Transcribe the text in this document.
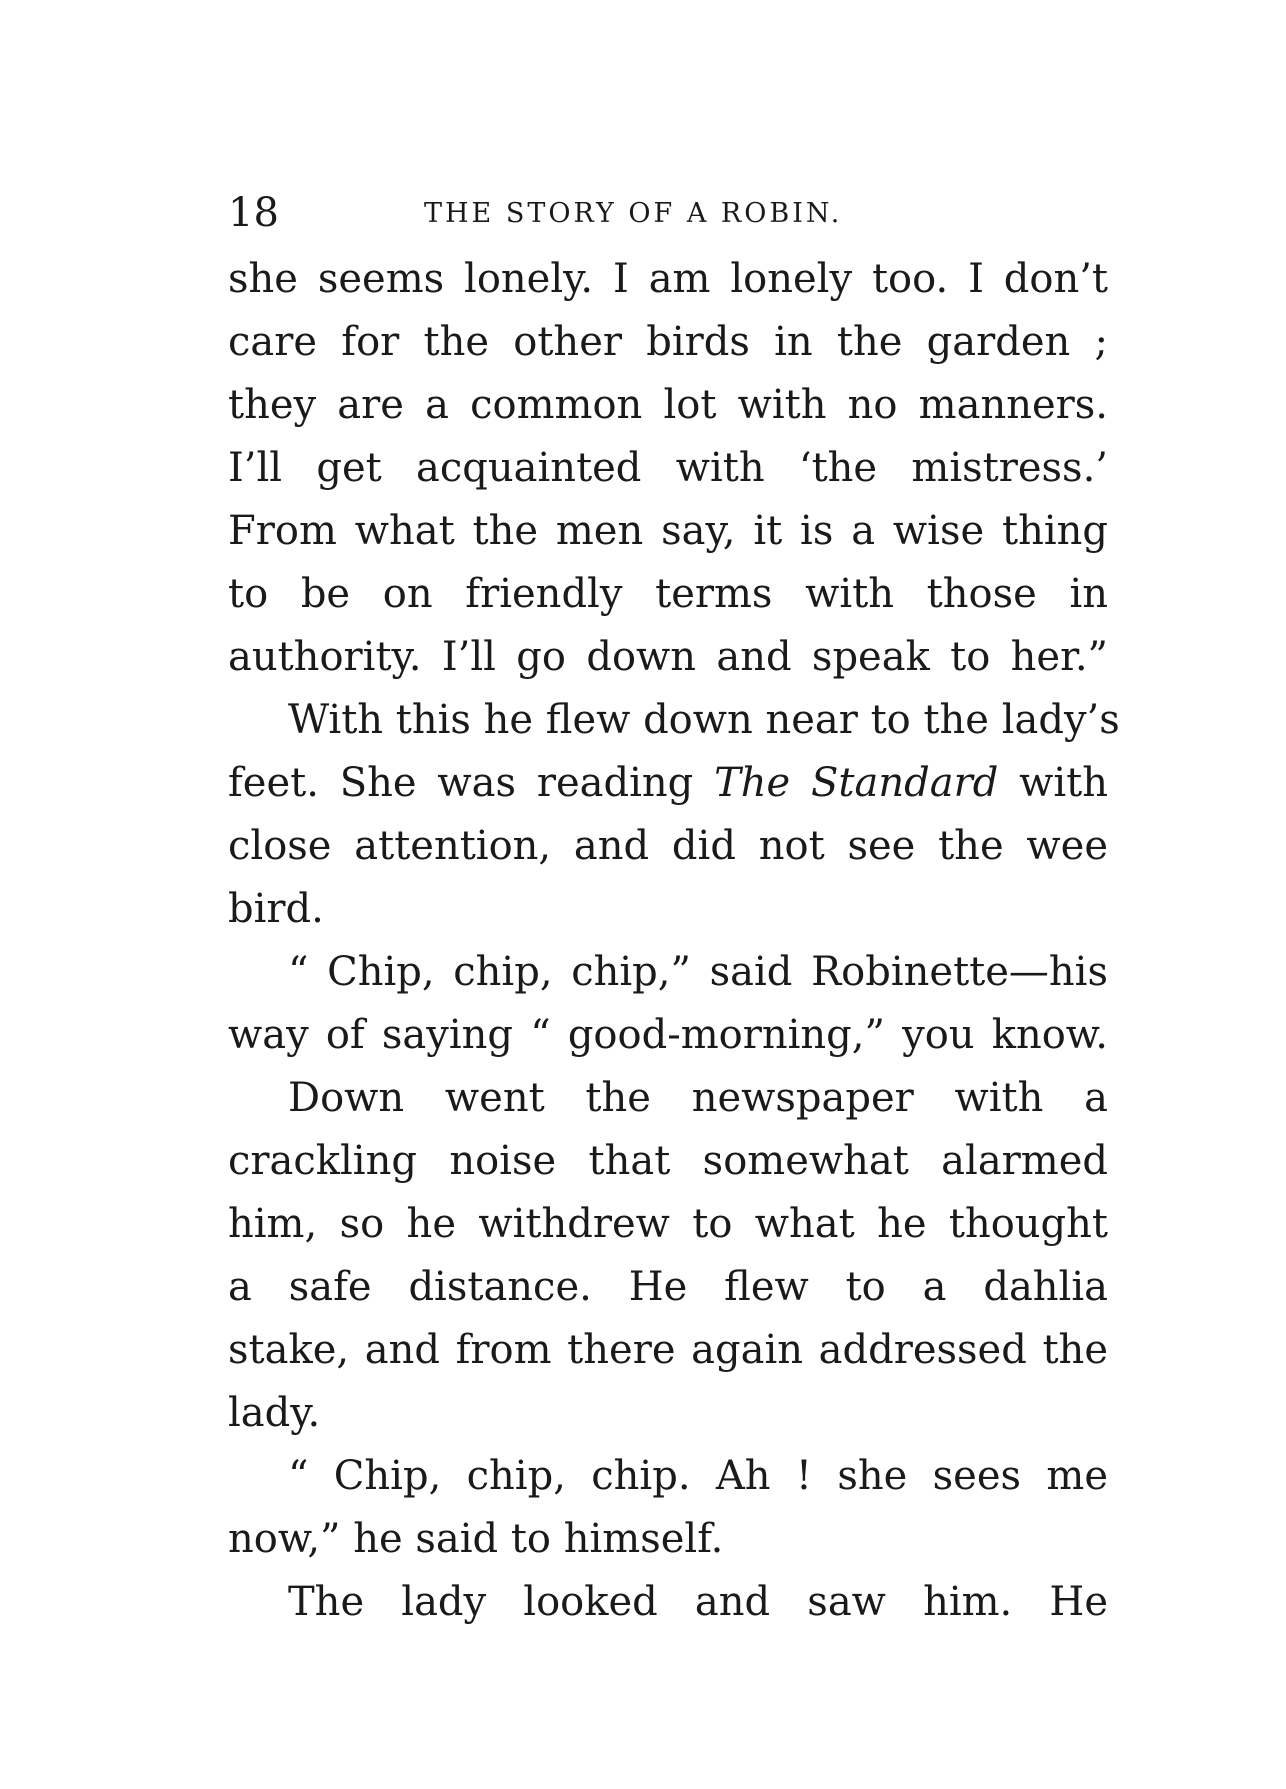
18	THE STORY OF A ROBIN.
she seems lonely. I am lonely too. I don’t
care for the other birds in the garden ;
they are a common lot with no manners.
I’ll get acquainted with ‘the mistress.’
From what the men say, it is a wise thing
to be on friendly terms with those in
authority. I’ll go down and speak to her.”
With this he flew down near to the lady’s
feet. She was reading The Standard with
close attention, and did not see the wee
bird.
“ Chip, chip, chip,” said Robinette—his
way of saying “ good-morning,” you know.
Down went the newspaper with a
crackling noise that somewhat alarmed
him, so he withdrew to what he thought
a safe distance. He flew to a dahlia
stake, and from there again addressed the
lady.
“ Chip, chip, chip. Ah ! she sees me
now,” he said to himself.
The lady looked and saw him. He
